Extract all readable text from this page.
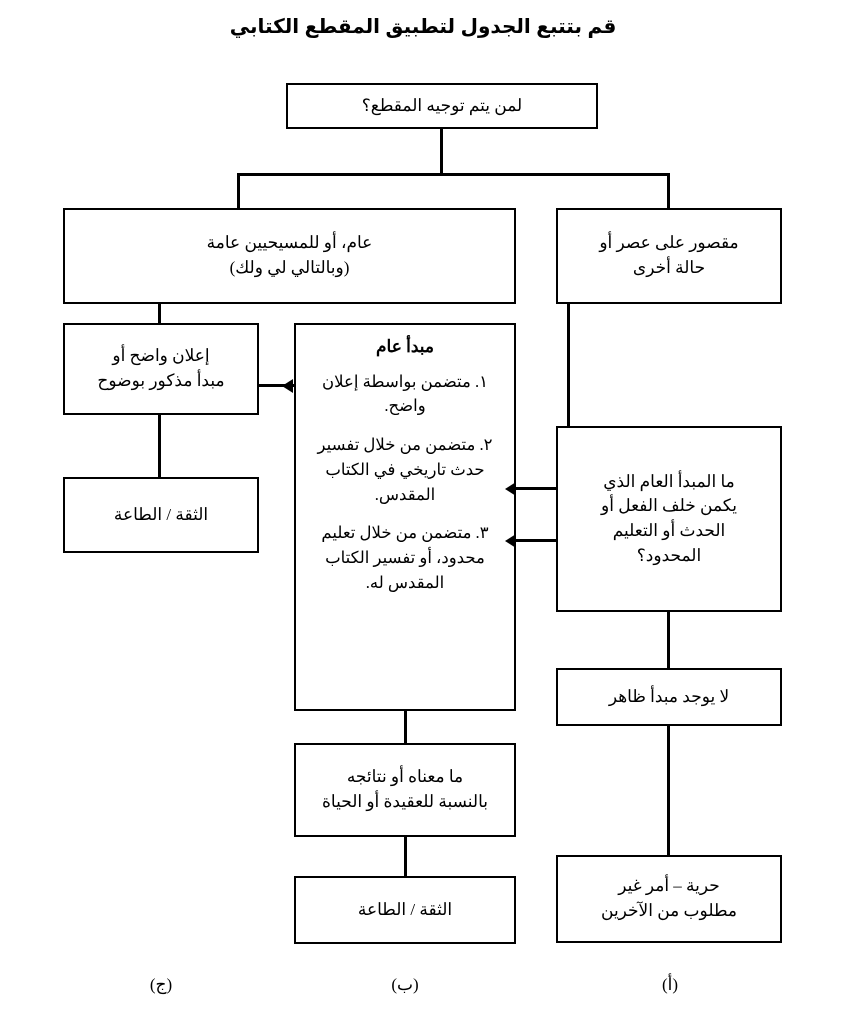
قم بتتبع الجدول لتطبيق المقطع الكتابي
لمن يتم توجيه المقطع؟
عام، أو للمسيحيين عامة
(وبالتالي لي ولك)
مقصور على عصر أو
حالة أخرى
إعلان واضح أو
مبدأ مذكور بوضوح
الثقة / الطاعة
مبدأ عام
١. متضمن بواسطة إعلان واضح.
٢. متضمن من خلال تفسير حدث تاريخي في الكتاب المقدس.
٣. متضمن من خلال تعليم محدود، أو تفسير الكتاب المقدس له.
ما المبدأ العام الذي
يكمن خلف الفعل أو
الحدث أو التعليم
المحدود؟
لا يوجد مبدأ ظاهر
حرية – أمر غير
مطلوب من الآخرين
ما معناه أو نتائجه
بالنسبة للعقيدة أو الحياة
الثقة / الطاعة
(ج)	(ب)	(أ)
